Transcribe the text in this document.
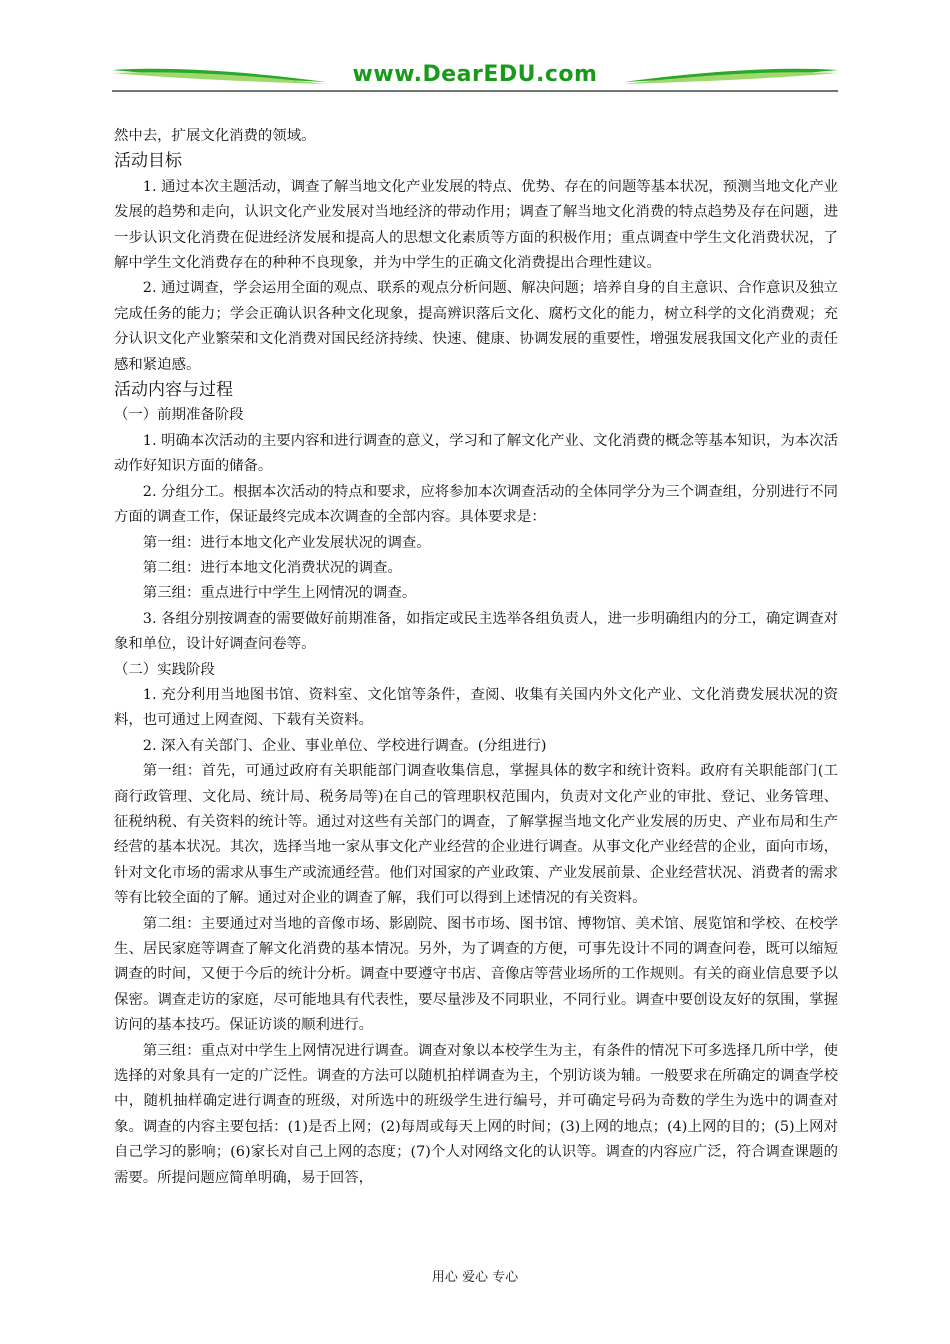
www.DearEDU.com

然中去，扩展文化消费的领域。

活动目标

1. 通过本次主题活动，调查了解当地文化产业发展的特点、优势、存在的问题等基本状况，预测当地文化产业发展的趋势和走向，认识文化产业发展对当地经济的带动作用；调查了解当地文化消费的特点趋势及存在问题，进一步认识文化消费在促进经济发展和提高人的思想文化素质等方面的积极作用；重点调查中学生文化消费状况，了解中学生文化消费存在的种种不良现象，并为中学生的正确文化消费提出合理性建议。

2. 通过调查，学会运用全面的观点、联系的观点分析问题、解决问题；培养自身的自主意识、合作意识及独立完成任务的能力；学会正确认识各种文化现象，提高辨识落后文化、腐朽文化的能力，树立科学的文化消费观；充分认识文化产业繁荣和文化消费对国民经济持续、快速、健康、协调发展的重要性，增强发展我国文化产业的责任感和紧迫感。

活动内容与过程

（一）前期准备阶段

1. 明确本次活动的主要内容和进行调查的意义，学习和了解文化产业、文化消费的概念等基本知识，为本次活动作好知识方面的储备。

2. 分组分工。根据本次活动的特点和要求，应将参加本次调查活动的全体同学分为三个调查组，分别进行不同方面的调查工作，保证最终完成本次调查的全部内容。具体要求是：

第一组：进行本地文化产业发展状况的调查。

第二组：进行本地文化消费状况的调查。

第三组：重点进行中学生上网情况的调查。

3. 各组分别按调查的需要做好前期准备，如指定或民主选举各组负责人，进一步明确组内的分工，确定调查对象和单位，设计好调查问卷等。

（二）实践阶段

1. 充分利用当地图书馆、资料室、文化馆等条件，查阅、收集有关国内外文化产业、文化消费发展状况的资料，也可通过上网查阅、下载有关资料。

2. 深入有关部门、企业、事业单位、学校进行调查。(分组进行)

第一组：首先，可通过政府有关职能部门调查收集信息，掌握具体的数字和统计资料。政府有关职能部门(工商行政管理、文化局、统计局、税务局等)在自己的管理职权范围内，负责对文化产业的审批、登记、业务管理、征税纳税、有关资料的统计等。通过对这些有关部门的调查，了解掌握当地文化产业发展的历史、产业布局和生产经营的基本状况。其次，选择当地一家从事文化产业经营的企业进行调查。从事文化产业经营的企业，面向市场，针对文化市场的需求从事生产或流通经营。他们对国家的产业政策、产业发展前景、企业经营状况、消费者的需求等有比较全面的了解。通过对企业的调查了解，我们可以得到上述情况的有关资料。

第二组：主要通过对当地的音像市场、影剧院、图书市场、图书馆、博物馆、美术馆、展览馆和学校、在校学生、居民家庭等调查了解文化消费的基本情况。另外，为了调查的方便，可事先设计不同的调查问卷，既可以缩短调查的时间，又便于今后的统计分析。调查中要遵守书店、音像店等营业场所的工作规则。有关的商业信息要予以保密。调查走访的家庭，尽可能地具有代表性，要尽量涉及不同职业，不同行业。调查中要创设友好的氛围，掌握访问的基本技巧。保证访谈的顺利进行。

第三组：重点对中学生上网情况进行调查。调查对象以本校学生为主，有条件的情况下可多选择几所中学，使选择的对象具有一定的广泛性。调查的方法可以随机拍样调查为主，个别访谈为辅。一般要求在所确定的调查学校中，随机抽样确定进行调查的班级，对所选中的班级学生进行编号，并可确定号码为奇数的学生为选中的调查对象。调查的内容主要包括：(1)是否上网；(2)每周或每天上网的时间；(3)上网的地点；(4)上网的目的；(5)上网对自己学习的影响；(6)家长对自己上网的态度；(7)个人对网络文化的认识等。调查的内容应广泛，符合调查课题的需要。所提问题应简单明确，易于回答，

用心 爱心 专心
